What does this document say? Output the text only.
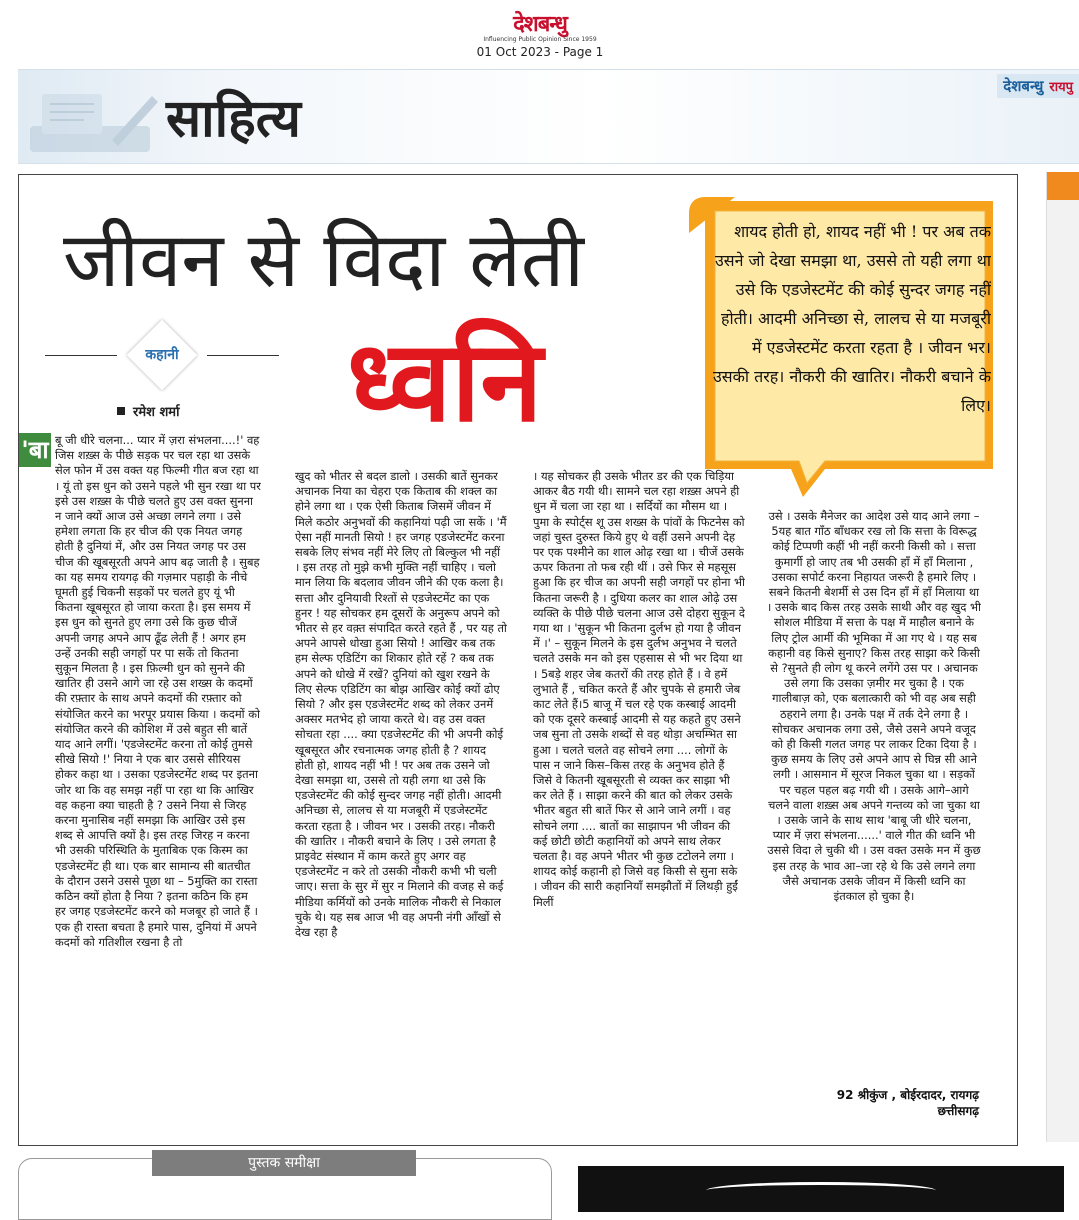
देशबन्धु
Influencing Public Opinion Since 1959
01 Oct 2023 - Page 1
साहित्य
देशबन्धु रायपु
जीवन से विदा लेती
ध्वनि
कहानी
रमेश शर्मा
'बा बू जी धीरे चलना... प्यार में ज़रा संभलना....!' वह जिस शख़्स के पीछे सड़क पर चल रहा था उसके सेल फोन में उस वक्त यह फिल्मी गीत बज रहा था । यूं तो इस धुन को उसने पहले भी सुन रखा था पर इसे उस शख़्स के पीछे चलते हुए उस वक्त सुनना न जाने क्यों आज उसे अच्छा लगने लगा । उसे हमेशा लगता कि हर चीज की एक नियत जगह होती है दुनियां में, और उस नियत जगह पर उस चीज की खूबसूरती अपने आप बढ़ जाती है । सुबह का यह समय रायगढ़ की गज़मार पहाड़ी के नीचे घूमती हुई चिकनी सड़कों पर चलते हुए यूं भी कितना खूबसूरत हो जाया करता है। इस समय में इस धुन को सुनते हुए लगा उसे कि कुछ चीजें अपनी जगह अपने आप ढूँढ लेती हैं ! अगर हम उन्हें उनकी सही जगहों पर पा सकें तो कितना सुकून मिलता है । इस फ़िल्मी धुन को सुनने की खातिर ही उसने आगे जा रहे उस शख्स के कदमों की रफ़्तार के साथ अपने कदमों की रफ़्तार को संयोजित करने का भरपूर प्रयास किया । कदमों को संयोजित करने की कोशिश में उसे बहुत सी बातें याद आने लगीं। 'एडजेस्टमेंट करना तो कोई तुमसे सीखे सियो !' निया ने एक बार उससे सीरियस होकर कहा था । उसका एडजेस्टमेंट शब्द पर इतना जोर था कि वह समझ नहीं पा रहा था कि आखिर वह कहना क्या चाहती है ? उसने निया से जिरह करना मुनासिब नहीं समझा कि आखिर उसे इस शब्द से आपत्ति क्यों है। इस तरह जिरह न करना भी उसकी परिस्थिति के मुताबिक एक किस्म का एडजेस्टमेंट ही था। एक बार सामान्य सी बातचीत के दौरान उसने उससे पूछा था – 5मुक्ति का रास्ता कठिन क्यों होता है निया ? इतना कठिन कि हम हर जगह एडजेस्टमेंट करने को मजबूर हो जाते हैं । एक ही रास्ता बचता है हमारे पास, दुनियां में अपने कदमों को गतिशील रखना है तो

खुद को भीतर से बदल डालो । उसकी बातें सुनकर अचानक निया का चेहरा एक किताब की शक्ल का होने लगा था । एक ऐसी किताब जिसमें जीवन में मिले कठोर अनुभवों की कहानियां पढ़ी जा सकें । 'मैं ऐसा नहीं मानती सियो ! हर जगह एडजेस्टमेंट करना सबके लिए संभव नहीं मेरे लिए तो बिल्कुल भी नहीं । इस तरह तो मुझे कभी मुक्ति नहीं चाहिए । चलो मान लिया कि बदलाव जीवन जीने की एक कला है।सत्ता और दुनियावी रिश्तों से एडजेस्टमेंट का एक हुनर ! यह सोचकर हम दूसरों के अनुरूप अपने को भीतर से हर वक़्त संपादित करते रहते हैं , पर यह तो अपने आपसे धोखा हुआ सियो ! आखिर कब तक हम सेल्फ एडिटिंग का शिकार होते रहें ? कब तक अपने को धोखे में रखें? दुनियां को खुश रखने के लिए सेल्फ एडिटिंग का बोझ आखिर कोई क्यों ढोए सियो ? और इस एडजेस्टमेंट शब्द को लेकर उनमें अक्सर मतभेद हो जाया करते थे। वह उस वक्त सोचता रहा .... क्या एडजेस्टमेंट की भी अपनी कोई खूबसूरत और रचनात्मक जगह होती है ? शायद होती हो, शायद नहीं भी ! पर अब तक उसने जो देखा समझा था, उससे तो यही लगा था उसे कि एडजेस्टमेंट की कोई सुन्दर जगह नहीं होती। आदमी अनिच्छा से, लालच से या मजबूरी में एडजेस्टमेंट करता रहता है । जीवन भर । उसकी तरह। नौकरी की खातिर । नौकरी बचाने के लिए । उसे लगता है प्राइवेट संस्थान में काम करते हुए अगर वह एडजेस्टमेंट न करे तो उसकी नौकरी कभी भी चली जाए। सत्ता के सुर में सुर न मिलाने की वजह से कई मीडिया कर्मियों को उनके मालिक नौकरी से निकाल चुके थे। यह सब आज भी वह अपनी नंगी आँखों से देख रहा है

। यह सोचकर ही उसके भीतर डर की एक चिड़िया आकर बैठ गयी थी। सामने चल रहा शख़्स अपने ही धुन में चला जा रहा था । सर्दियों का मौसम था । पुमा के स्पोर्ट्स शू उस शख्स के पांवों के फिटनेस को जहां चुस्त दुरुस्त किये हुए थे वहीं उसने अपनी देह पर एक पश्मीने का शाल ओढ़ रखा था । चीजें उसके ऊपर कितना तो फब रही थीं । उसे फिर से महसूस हुआ कि हर चीज का अपनी सही जगहों पर होना भी कितना जरूरी है । दुधिया कलर का शाल ओढ़े उस व्यक्ति के पीछे पीछे चलना आज उसे दोहरा सुकून दे गया था । 'सुकून भी कितना दुर्लभ हो गया है जीवन में ।' – सुकून मिलने के इस दुर्लभ अनुभव ने चलते चलते उसके मन को इस एहसास से भी भर दिया था । 5बड़े शहर जेब कतरों की तरह होते हैं । वे हमें लुभाते हैं , चकित करते हैं और चुपके से हमारी जेब काट लेते हैं।5 बाजू में चल रहे एक कस्बाई आदमी को एक दूसरे कस्बाई आदमी से यह कहते हुए उसने जब सुना तो उसके शब्दों से वह थोड़ा अचम्भित सा हुआ । चलते चलते वह सोचने लगा .... लोगों के पास न जाने किस–किस तरह के अनुभव होते हैं जिसे वे कितनी खूबसूरती से व्यक्त कर साझा भी कर लेते हैं । साझा करने की बात को लेकर उसके भीतर बहुत सी बातें फिर से आने जाने लगीं । वह सोचने लगा .... बातों का साझापन भी जीवन की कई छोटी छोटी कहानियों को अपने साथ लेकर चलता है। वह अपने भीतर भी कुछ टटोलने लगा । शायद कोई कहानी हो जिसे वह किसी से सुना सके । जीवन की सारी कहानियाँ समझौतों में लिथड़ी हुईं मिलीं

उसे । उसके मैनेजर का आदेश उसे याद आने लगा –5यह बात गाँठ बाँधकर रख लो कि सत्ता के विरूद्ध कोई टिप्पणी कहीं भी नहीं करनी किसी को । सत्ता कुमार्गी हो जाए तब भी उसकी हाँ में हाँ मिलाना , उसका सपोर्ट करना निहायत जरूरी है हमारे लिए । सबने कितनी बेशर्मी से उस दिन हाँ में हाँ मिलाया था । उसके बाद किस तरह उसके साथी और वह खुद भी सोशल मीडिया में सत्ता के पक्ष में माहौल बनाने के लिए ट्रोल आर्मी की भूमिका में आ गए थे । यह सब कहानी वह किसे सुनाए? किस तरह साझा करे किसी से ?सुनते ही लोग थू करने लगेंगे उस पर । अचानक उसे लगा कि उसका ज़मीर मर चुका है । एक गालीबाज़ को, एक बलात्कारी को भी वह अब सही ठहराने लगा है। उनके पक्ष में तर्क देने लगा है । सोचकर अचानक लगा उसे, जैसे उसने अपने वजूद को ही किसी गलत जगह पर लाकर टिका दिया है । कुछ समय के लिए उसे अपने आप से घिन्न सी आने लगी । आसमान में सूरज निकल चुका था । सड़कों पर चहल पहल बढ़ गयी थी । उसके आगे–आगे चलने वाला शख़्स अब अपने गन्तव्य को जा चुका था । उसके जाने के साथ साथ 'बाबू जी धीरे चलना, प्यार में ज़रा संभलना......' वाले गीत की ध्वनि भी उससे विदा ले चुकी थी । उस वक्त उसके मन में कुछ इस तरह के भाव आ–जा रहे थे कि उसे लगने लगा जैसे अचानक उसके जीवन में किसी ध्वनि का इंतकाल हो चुका है।

92 श्रीकुंज , बोईरदादर, रायगढ़
छत्तीसगढ़
शायद होती हो, शायद नहीं भी ! पर अब तक उसने जो देखा समझा था, उससे तो यही लगा था उसे कि एडजेस्टमेंट की कोई सुन्दर जगह नहीं होती। आदमी अनिच्छा से, लालच से या मजबूरी में एडजेस्टमेंट करता रहता है । जीवन भर। उसकी तरह। नौकरी की खातिर। नौकरी बचाने के लिए।
पुस्तक समीक्षा
